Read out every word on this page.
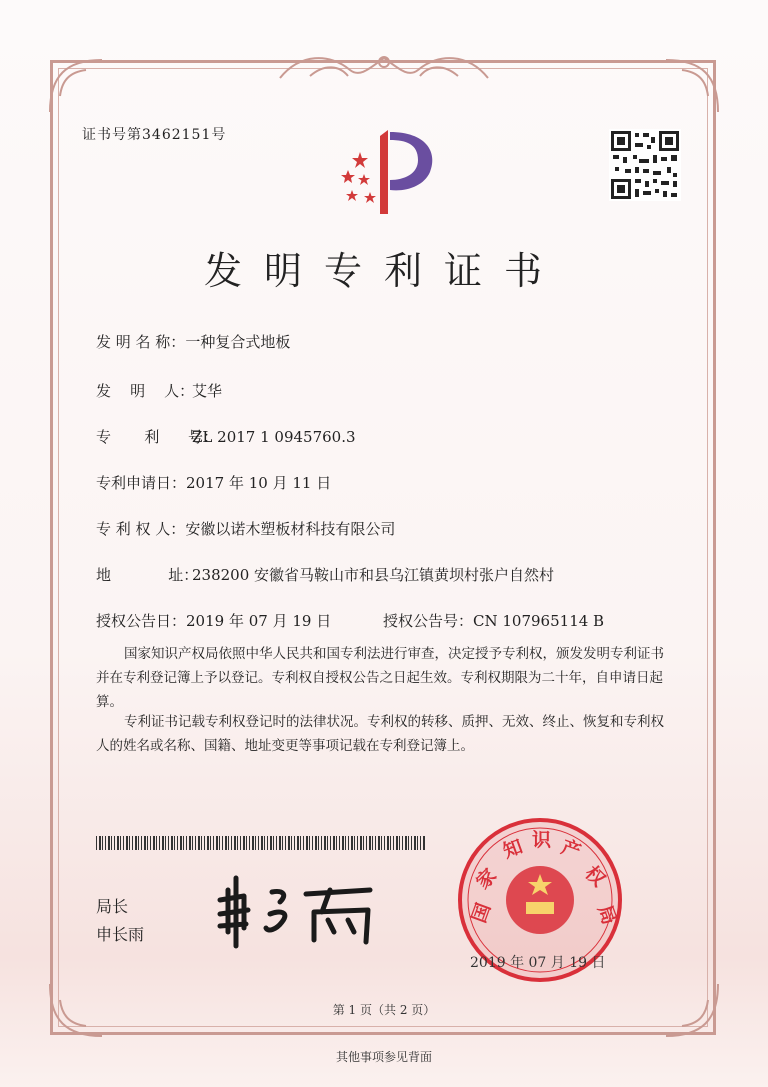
证书号第3462151号
发明专利证书
发 明 名 称：一种复合式地板
发    明    人：艾华
专       利      号：ZL 2017 1 0945760.3
专利申请日：2017 年 10 月 11 日
专 利 权 人：安徽以诺木塑板材科技有限公司
地            址：238200 安徽省马鞍山市和县乌江镇黄坝村张户自然村
授权公告日：2019 年 07 月 19 日	授权公告号：CN 107965114 B
国家知识产权局依照中华人民共和国专利法进行审查，决定授予专利权，颁发发明专利证书并在专利登记簿上予以登记。专利权自授权公告之日起生效。专利权期限为二十年，自申请日起算。
专利证书记载专利权登记时的法律状况。专利权的转移、质押、无效、终止、恢复和专利权人的姓名或名称、国籍、地址变更等事项记载在专利登记簿上。
局长
申长雨
国
家
知 识 产
权
局
2019 年 07 月 19 日
第 1 页（共 2 页）
其他事项参见背面
